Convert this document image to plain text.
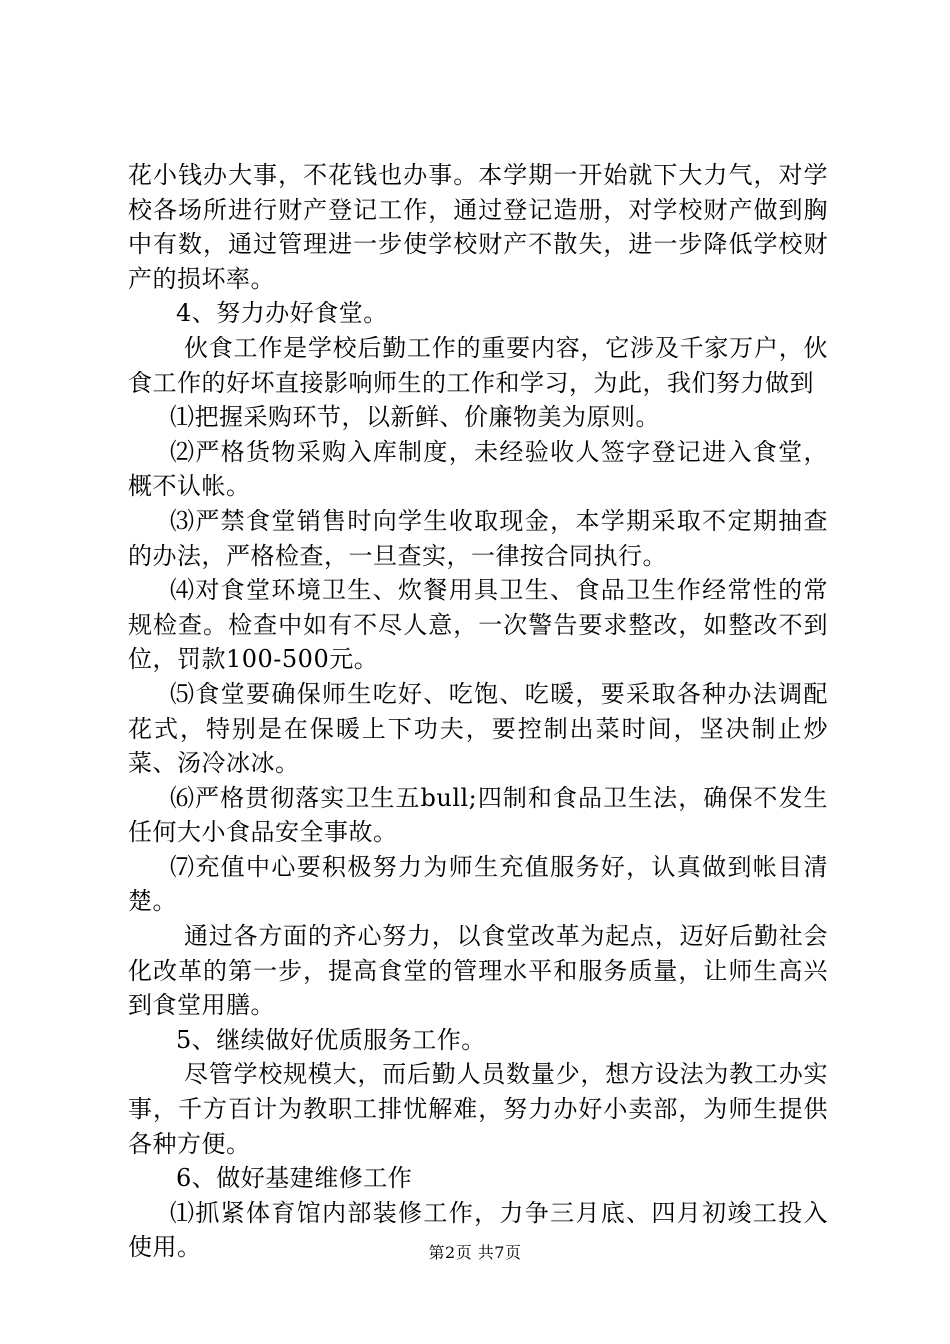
花小钱办大事，不花钱也办事。本学期一开始就下大力气，对学校各场所进行财产登记工作，通过登记造册，对学校财产做到胸中有数，通过管理进一步使学校财产不散失，进一步降低学校财产的损坏率。

4、努力办好食堂。

伙食工作是学校后勤工作的重要内容，它涉及千家万户，伙食工作的好坏直接影响师生的工作和学习，为此，我们努力做到

⑴把握采购环节，以新鲜、价廉物美为原则。

⑵严格货物采购入库制度，未经验收人签字登记进入食堂，概不认帐。

⑶严禁食堂销售时向学生收取现金，本学期采取不定期抽查的办法，严格检查，一旦查实，一律按合同执行。

⑷对食堂环境卫生、炊餐用具卫生、食品卫生作经常性的常规检查。检查中如有不尽人意，一次警告要求整改，如整改不到位，罚款100-500元。

⑸食堂要确保师生吃好、吃饱、吃暖，要采取各种办法调配花式，特别是在保暖上下功夫，要控制出菜时间，坚决制止炒菜、汤冷冰冰。

⑹严格贯彻落实卫生五bull;四制和食品卫生法，确保不发生任何大小食品安全事故。

⑺充值中心要积极努力为师生充值服务好，认真做到帐目清楚。

通过各方面的齐心努力，以食堂改革为起点，迈好后勤社会化改革的第一步，提高食堂的管理水平和服务质量，让师生高兴到食堂用膳。

5、继续做好优质服务工作。

尽管学校规模大，而后勤人员数量少，想方设法为教工办实事，千方百计为教职工排忧解难，努力办好小卖部，为师生提供各种方便。

6、做好基建维修工作

⑴抓紧体育馆内部装修工作，力争三月底、四月初竣工投入使用。	第2页 共7页
